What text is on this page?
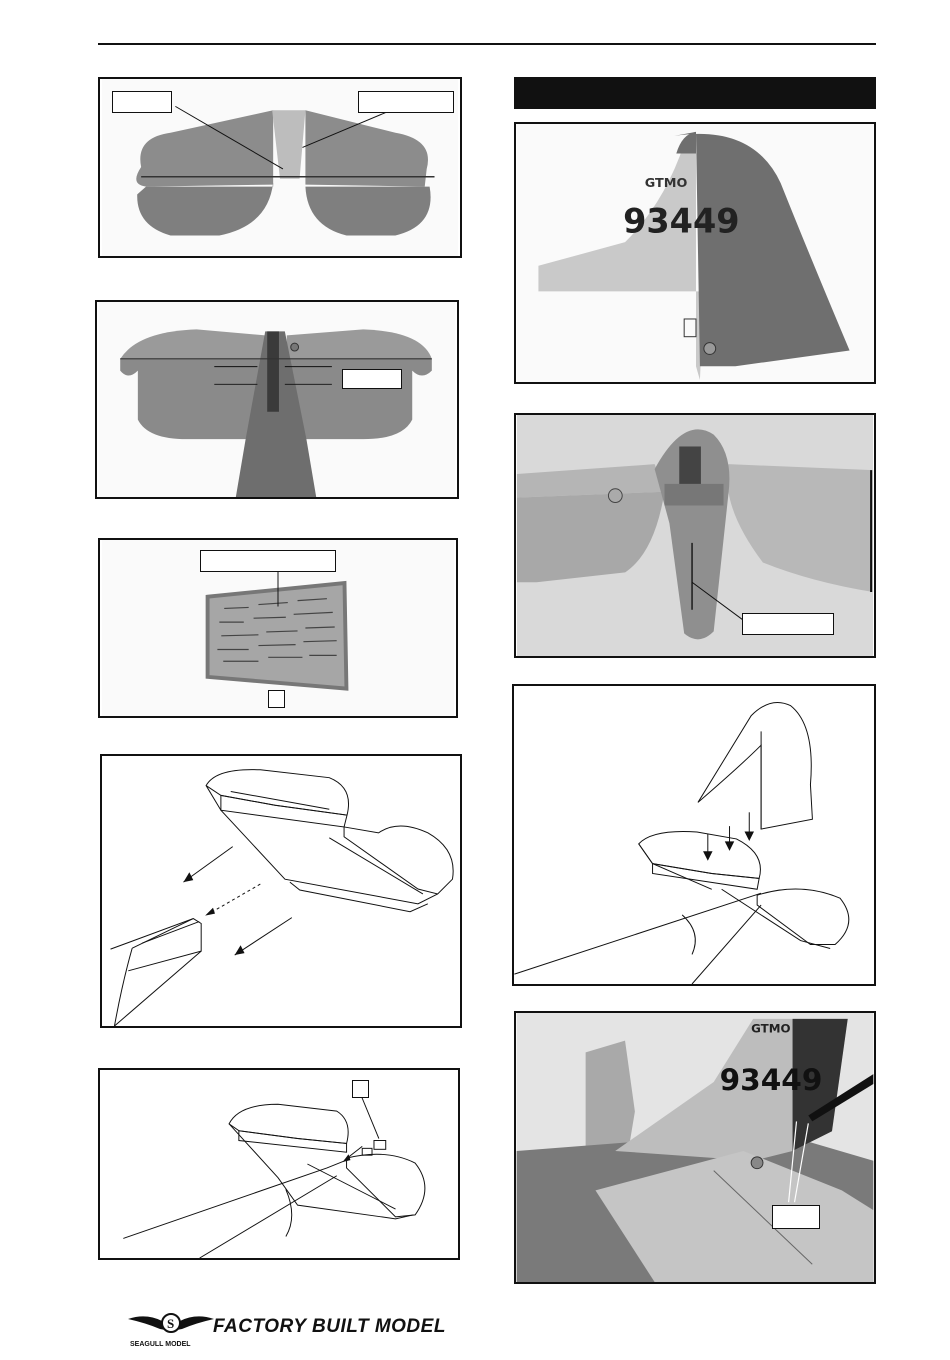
GTMO
93449
GTMO
93449
S
SEAGULL MODEL
FACTORY BUILT MODEL
